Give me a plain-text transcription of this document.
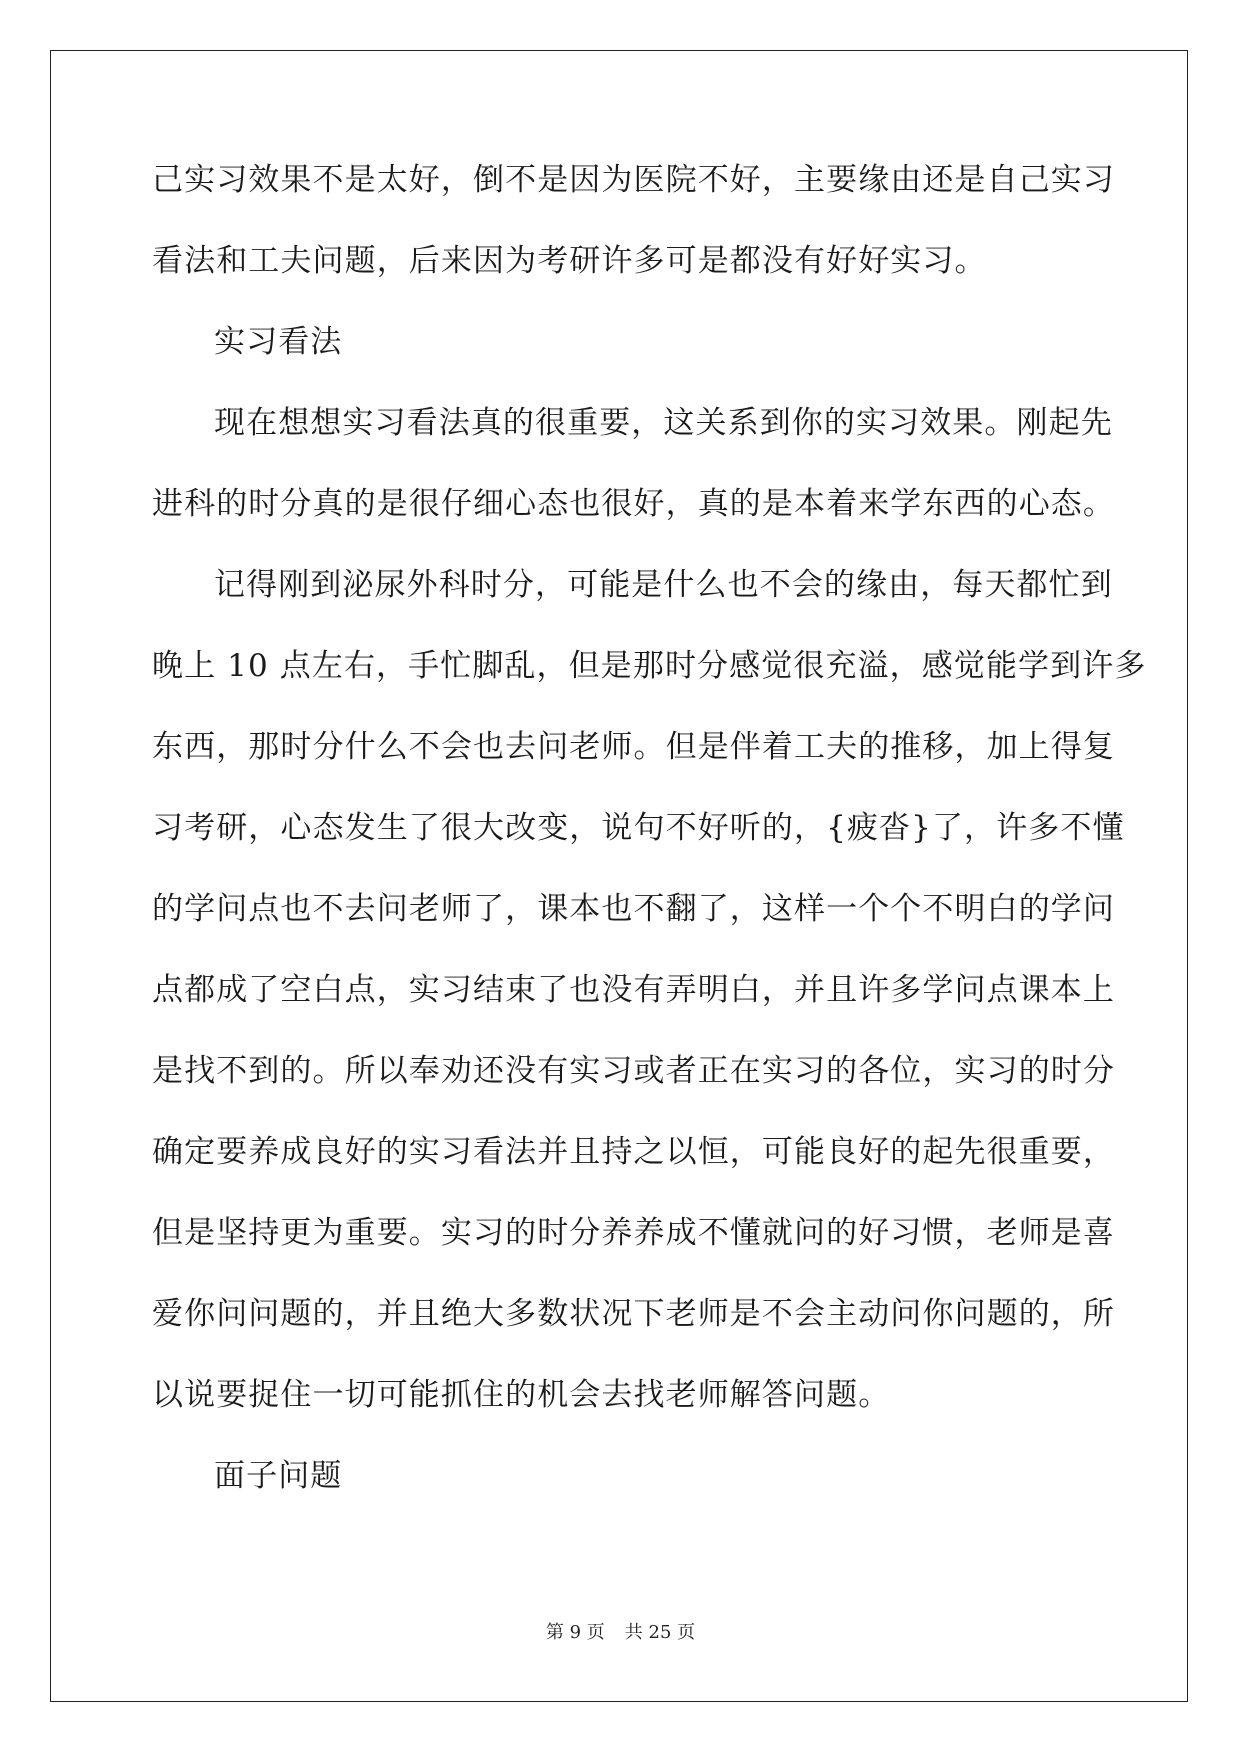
己实习效果不是太好，倒不是因为医院不好，主要缘由还是自己实习
看法和工夫问题，后来因为考研许多可是都没有好好实习。
实习看法
现在想想实习看法真的很重要，这关系到你的实习效果。刚起先
进科的时分真的是很仔细心态也很好，真的是本着来学东西的心态。
记得刚到泌尿外科时分，可能是什么也不会的缘由，每天都忙到
晚上 10 点左右，手忙脚乱，但是那时分感觉很充溢，感觉能学到许多
东西，那时分什么不会也去问老师。但是伴着工夫的推移，加上得复
习考研，心态发生了很大改变，说句不好听的，{疲沓}了，许多不懂
的学问点也不去问老师了，课本也不翻了，这样一个个不明白的学问
点都成了空白点，实习结束了也没有弄明白，并且许多学问点课本上
是找不到的。所以奉劝还没有实习或者正在实习的各位，实习的时分
确定要养成良好的实习看法并且持之以恒，可能良好的起先很重要，
但是坚持更为重要。实习的时分养养成不懂就问的好习惯，老师是喜
爱你问问题的，并且绝大多数状况下老师是不会主动问你问题的，所
以说要捉住一切可能抓住的机会去找老师解答问题。
面子问题
第 9 页 共 25 页
